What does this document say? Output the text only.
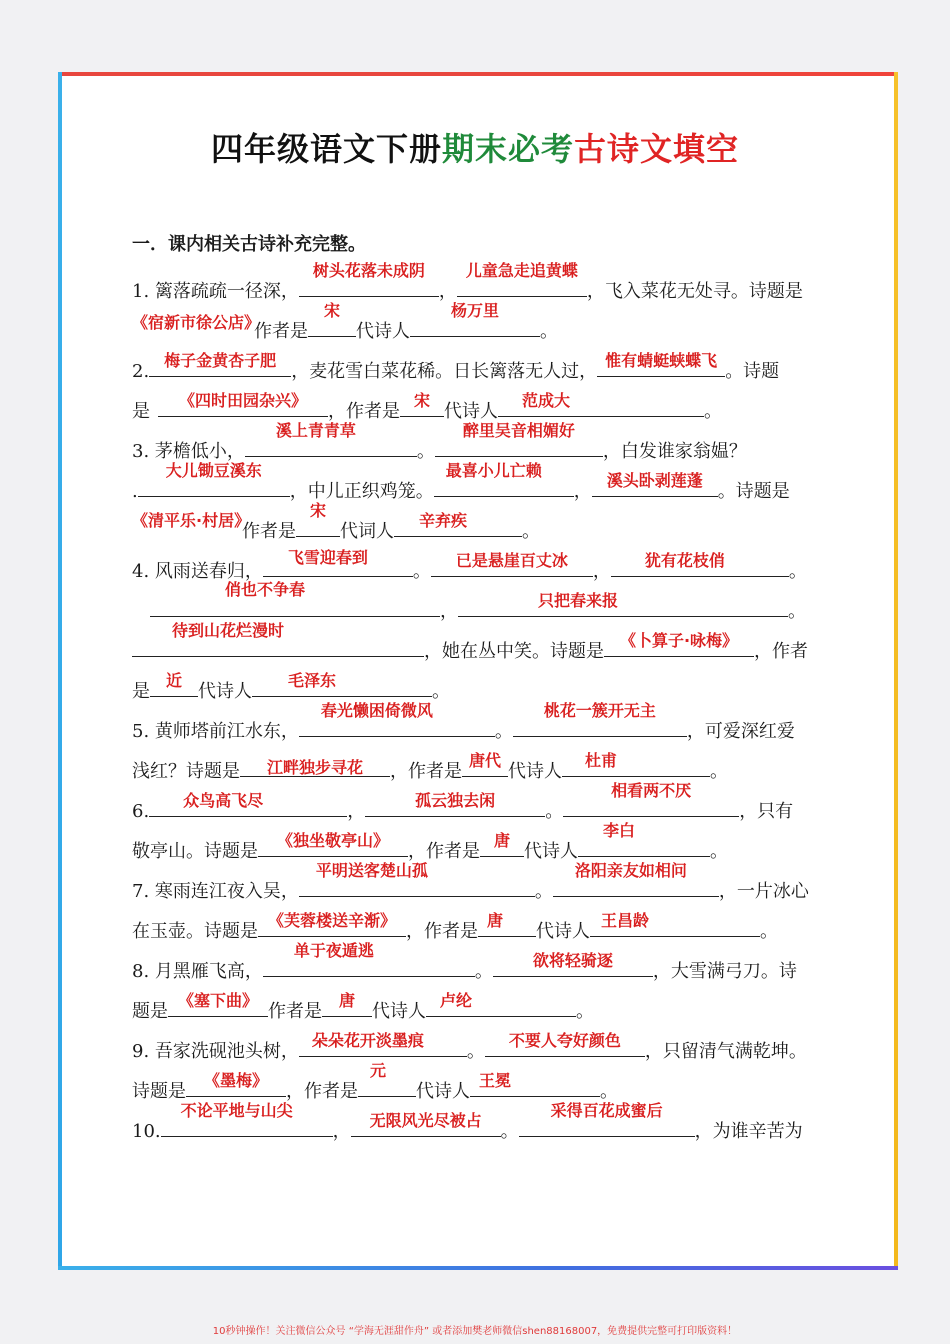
四年级语文下册期末必考古诗文填空
一．课内相关古诗补充完整。
1. 篱落疏疏一径深，
树头花落未成阴
，
儿童急走追黄蝶
，飞入菜花无处寻。诗题是
《宿新市徐公店》
作者是
宋
代诗人
杨万里
。
2.
梅子金黄杏子肥
，麦花雪白菜花稀。日长篱落无人过，
惟有蜻蜓蛱蝶飞
。诗题
是
《四时田园杂兴》
，作者是
宋
代诗人
范成大
。
3. 茅檐低小，
溪上青青草
。
醉里吴音相媚好
，白发谁家翁媪？
.
大儿锄豆溪东
，中儿正织鸡笼。
最喜小儿亡赖
，
溪头卧剥莲蓬
。诗题是
《清平乐·村居》
作者是
宋
代词人
辛弃疾
。
4. 风雨送春归，
飞雪迎春到
。
已是悬崖百丈冰
，
犹有花枝俏
。
俏也不争春
，
只把春来报
。
待到山花烂漫时
，她在丛中笑。诗题是
《卜算子·咏梅》
，作者
是
近
代诗人
毛泽东
。
5. 黄师塔前江水东，
春光懒困倚微风
。
桃花一簇开无主
，可爱深红爱
浅红？诗题是	江畔独步寻花	，作者是
唐代
代诗人
杜甫
。
6.
众鸟高飞尽
，
孤云独去闲
。
相看两不厌
，只有
敬亭山。诗题是
《独坐敬亭山》
，作者是
唐
代诗人
李白
。
7. 寒雨连江夜入吴，
平明送客楚山孤
。
洛阳亲友如相问
，一片冰心
在玉壶。诗题是
《芙蓉楼送辛渐》
，作者是
唐
代诗人
王昌龄
。
8. 月黑雁飞高，
单于夜遁逃
。
欲将轻骑逐
，大雪满弓刀。诗
题是
《塞下曲》
作者是
唐
代诗人
卢纶
。
9. 吾家洗砚池头树，
朵朵花开淡墨痕
。
不要人夸好颜色
，只留清气满乾坤。
诗题是
《墨梅》
，作者是
元
代诗人
王冕
。
10.
不论平地与山尖
，
无限风光尽被占
。
采得百花成蜜后
，为谁辛苦为
10秒钟操作！关注微信公众号 “学海无涯甜作舟” 或者添加樊老师微信shen88168007，免费提供完整可打印版资料！
